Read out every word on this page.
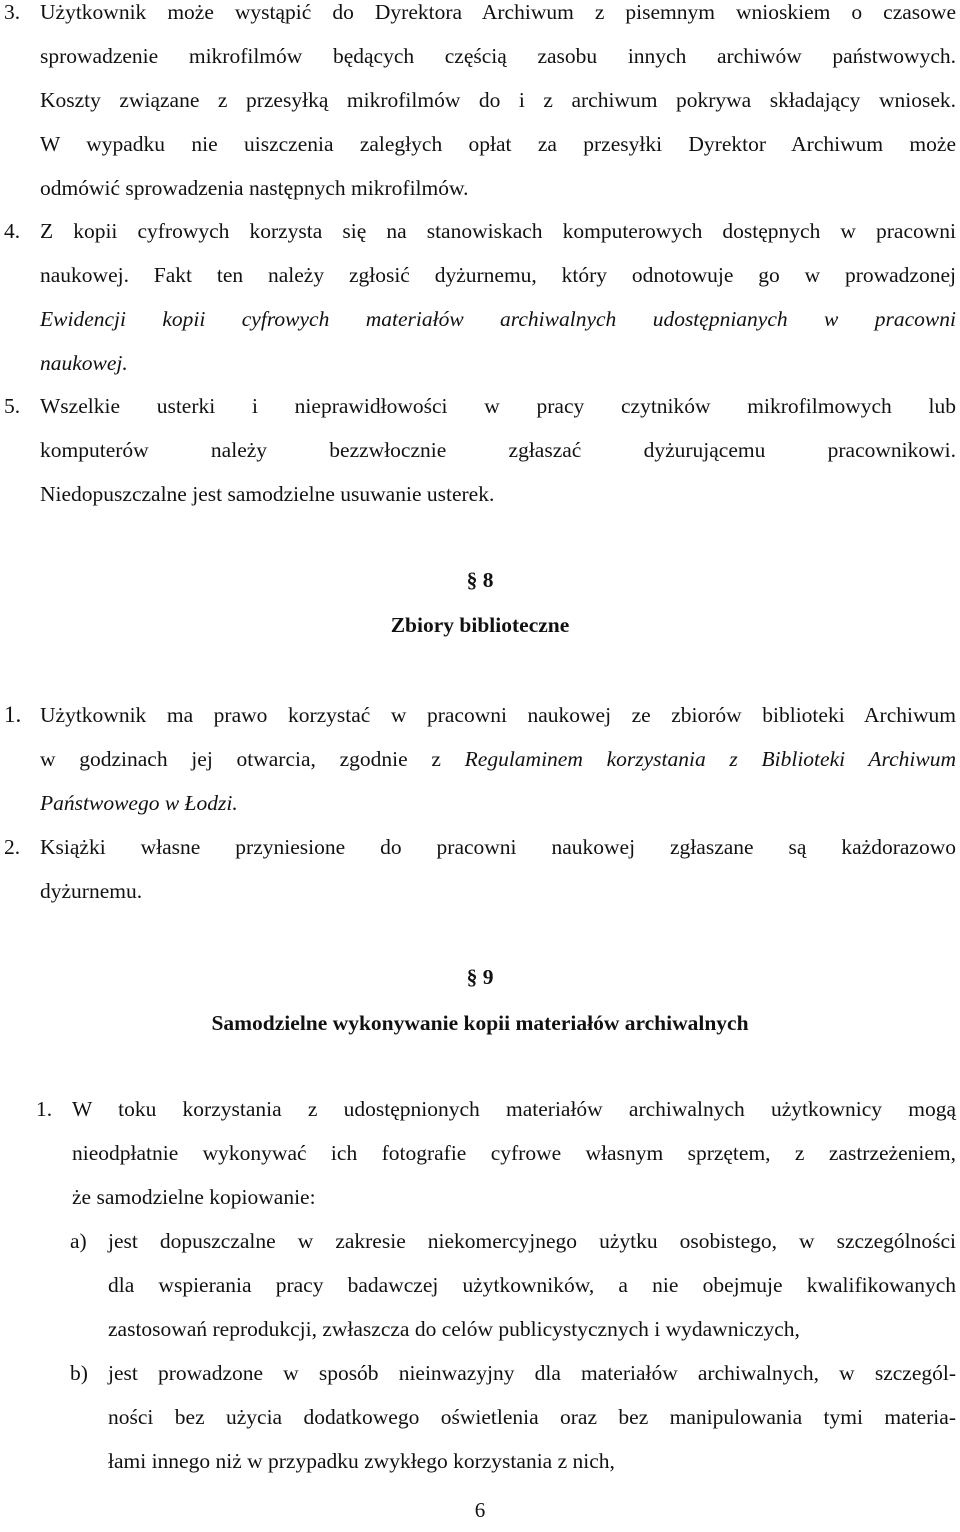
3. Użytkownik może wystąpić do Dyrektora Archiwum z pisemnym wnioskiem o czasowe
sprowadzenie mikrofilmów będących częścią zasobu innych archiwów państwowych.
Koszty związane z przesyłką mikrofilmów do i z archiwum pokrywa składający wniosek.
W wypadku nie uiszczenia zaległych opłat za przesyłki Dyrektor Archiwum może
odmówić sprowadzenia następnych mikrofilmów.
4. Z kopii cyfrowych korzysta się na stanowiskach komputerowych dostępnych w pracowni
naukowej. Fakt ten należy zgłosić dyżurnemu, który odnotowuje go w prowadzonej
Ewidencji kopii cyfrowych materiałów archiwalnych udostępnianych w pracowni
naukowej.
5. Wszelkie usterki i nieprawidłowości w pracy czytników mikrofilmowych lub
komputerów należy bezzwłocznie zgłaszać dyżurującemu pracownikowi.
Niedopuszczalne jest samodzielne usuwanie usterek.
§ 8
Zbiory biblioteczne
1. Użytkownik ma prawo korzystać w pracowni naukowej ze zbiorów biblioteki Archiwum
w godzinach jej otwarcia, zgodnie z Regulaminem korzystania z Biblioteki Archiwum
Państwowego w Łodzi.
2. Książki własne przyniesione do pracowni naukowej zgłaszane są każdorazowo
dyżurnemu.
§ 9
Samodzielne wykonywanie kopii materiałów archiwalnych
1. W toku korzystania z udostępnionych materiałów archiwalnych użytkownicy mogą
nieodpłatnie wykonywać ich fotografie cyfrowe własnym sprzętem, z zastrzeżeniem,
że samodzielne kopiowanie:
a) jest dopuszczalne w zakresie niekomercyjnego użytku osobistego, w szczególności
dla wspierania pracy badawczej użytkowników, a nie obejmuje kwalifikowanych
zastosowań reprodukcji, zwłaszcza do celów publicystycznych i wydawniczych,
b) jest prowadzone w sposób nieinwazyjny dla materiałów archiwalnych, w szczegól-
ności bez użycia dodatkowego oświetlenia oraz bez manipulowania tymi materia-
łami innego niż w przypadku zwykłego korzystania z nich,
6
